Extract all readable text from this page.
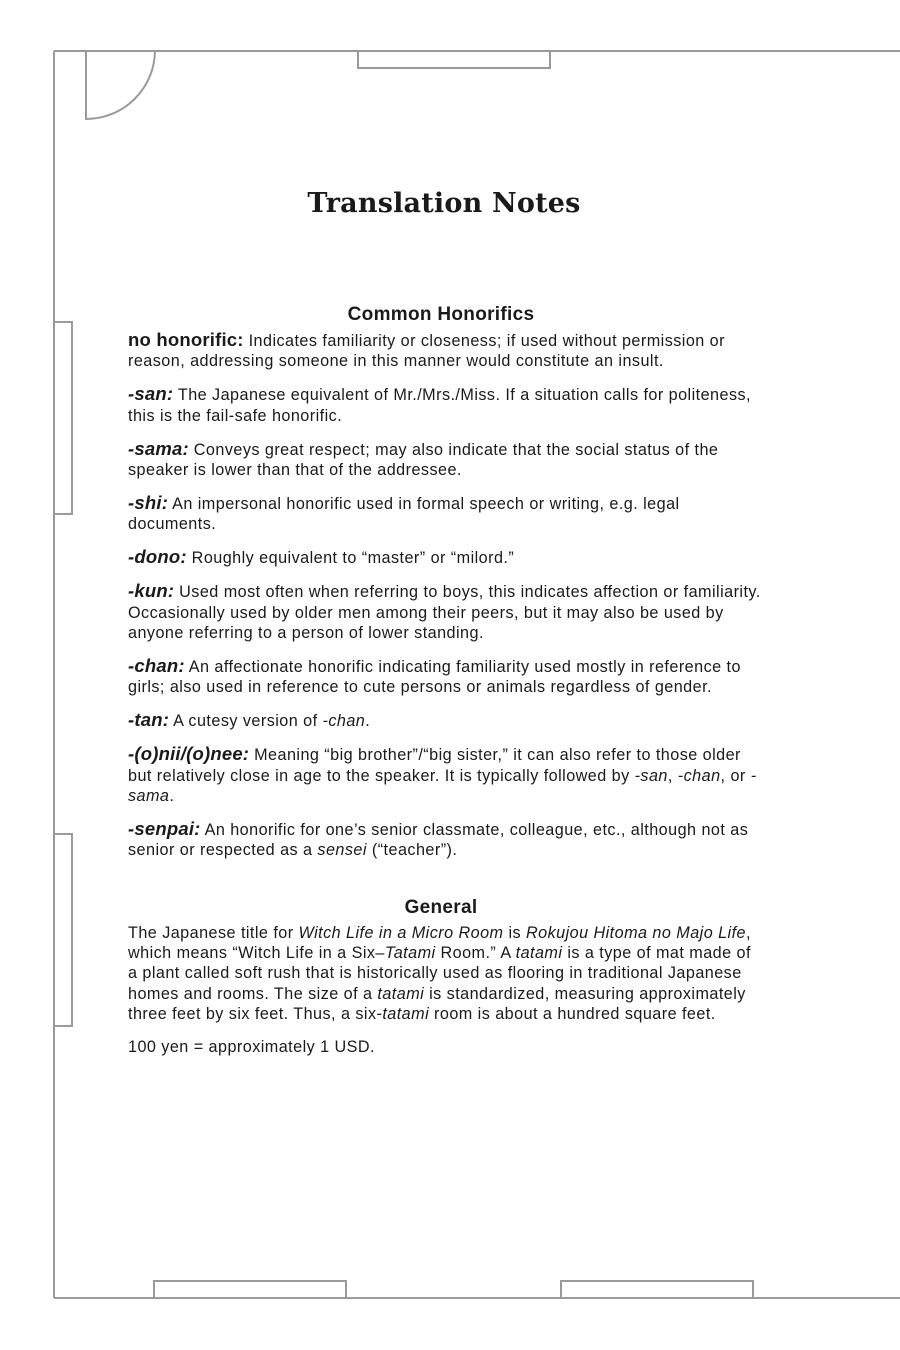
Translation Notes
Common Honorifics

no honorific: Indicates familiarity or closeness; if used without permission or reason, addressing someone in this manner would constitute an insult.

-san: The Japanese equivalent of Mr./Mrs./Miss. If a situation calls for politeness, this is the fail-safe honorific.

-sama: Conveys great respect; may also indicate that the social status of the speaker is lower than that of the addressee.

-shi: An impersonal honorific used in formal speech or writing, e.g. legal documents.

-dono: Roughly equivalent to “master” or “milord.”

-kun: Used most often when referring to boys, this indicates affection or familiarity. Occasionally used by older men among their peers, but it may also be used by anyone referring to a person of lower standing.

-chan: An affectionate honorific indicating familiarity used mostly in reference to girls; also used in reference to cute persons or animals regardless of gender.

-tan: A cutesy version of -chan.

-(o)nii/(o)nee: Meaning “big brother”/“big sister,” it can also refer to those older but relatively close in age to the speaker. It is typically followed by -san, -chan, or -sama.

-senpai: An honorific for one’s senior classmate, colleague, etc., although not as senior or respected as a sensei (“teacher”).

General

The Japanese title for Witch Life in a Micro Room is Rokujou Hitoma no Majo Life, which means “Witch Life in a Six–Tatami Room.” A tatami is a type of mat made of a plant called soft rush that is historically used as flooring in traditional Japanese homes and rooms. The size of a tatami is standardized, measuring approximately three feet by six feet. Thus, a six-tatami room is about a hundred square feet.

100 yen = approximately 1 USD.
